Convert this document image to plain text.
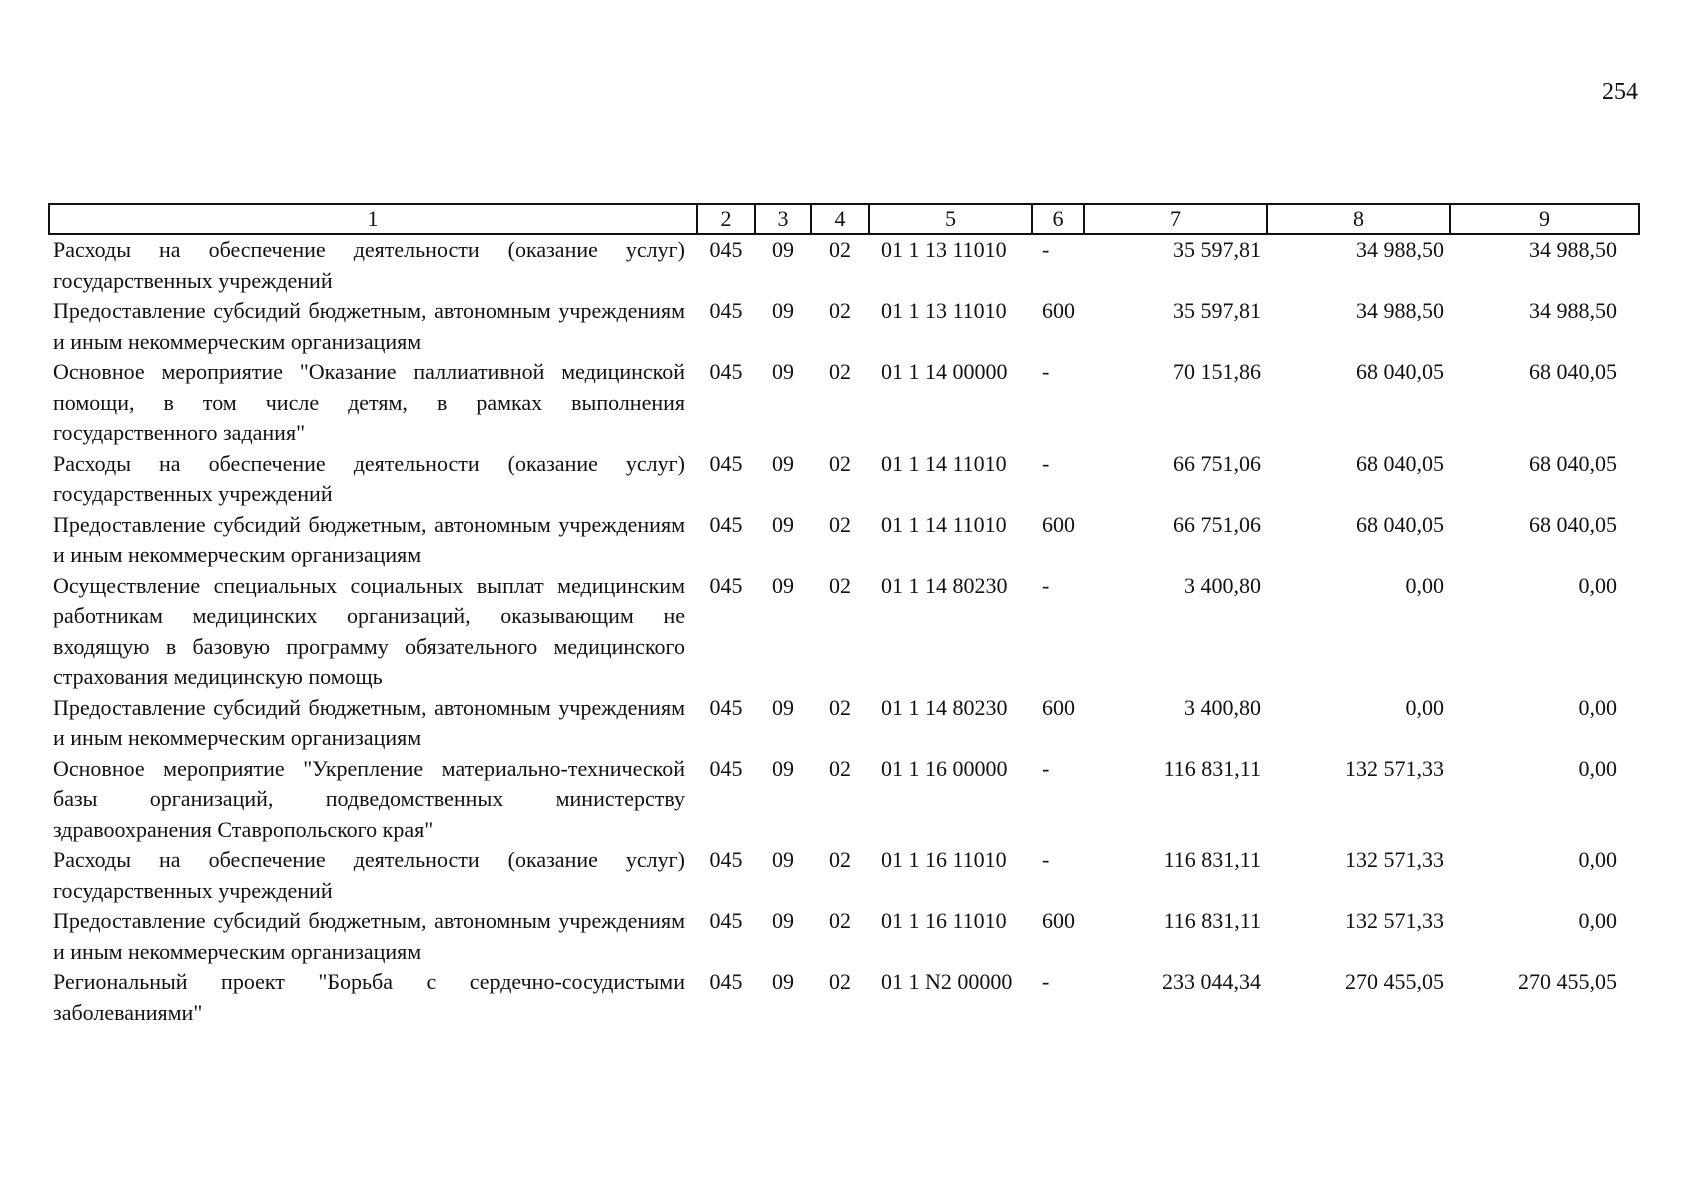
254
1	2	3	4	5	6	7	8	9
Расходы на обеспечение деятельности (оказание услуг) государственных учреждений	045	09	02	01 1 13 11010	-	35 597,81	34 988,50	34 988,50
Предоставление субсидий бюджетным, автономным учреждениям и иным некоммерческим организациям	045	09	02	01 1 13 11010	600	35 597,81	34 988,50	34 988,50
Основное мероприятие "Оказание паллиативной медицинской помощи, в том числе детям, в рамках выполнения государственного задания"	045	09	02	01 1 14 00000	-	70 151,86	68 040,05	68 040,05
Расходы на обеспечение деятельности (оказание услуг) государственных учреждений	045	09	02	01 1 14 11010	-	66 751,06	68 040,05	68 040,05
Предоставление субсидий бюджетным, автономным учреждениям и иным некоммерческим организациям	045	09	02	01 1 14 11010	600	66 751,06	68 040,05	68 040,05
Осуществление специальных социальных выплат медицинским работникам медицинских организаций, оказывающим не входящую в базовую программу обязательного медицинского страхования медицинскую помощь	045	09	02	01 1 14 80230	-	3 400,80	0,00	0,00
Предоставление субсидий бюджетным, автономным учреждениям и иным некоммерческим организациям	045	09	02	01 1 14 80230	600	3 400,80	0,00	0,00
Основное мероприятие "Укрепление материально-технической базы организаций, подведомственных министерству здравоохранения Ставропольского края"	045	09	02	01 1 16 00000	-	116 831,11	132 571,33	0,00
Расходы на обеспечение деятельности (оказание услуг) государственных учреждений	045	09	02	01 1 16 11010	-	116 831,11	132 571,33	0,00
Предоставление субсидий бюджетным, автономным учреждениям и иным некоммерческим организациям	045	09	02	01 1 16 11010	600	116 831,11	132 571,33	0,00
Региональный проект "Борьба с сердечно-сосудистыми заболеваниями"	045	09	02	01 1 N2 00000	-	233 044,34	270 455,05	270 455,05
